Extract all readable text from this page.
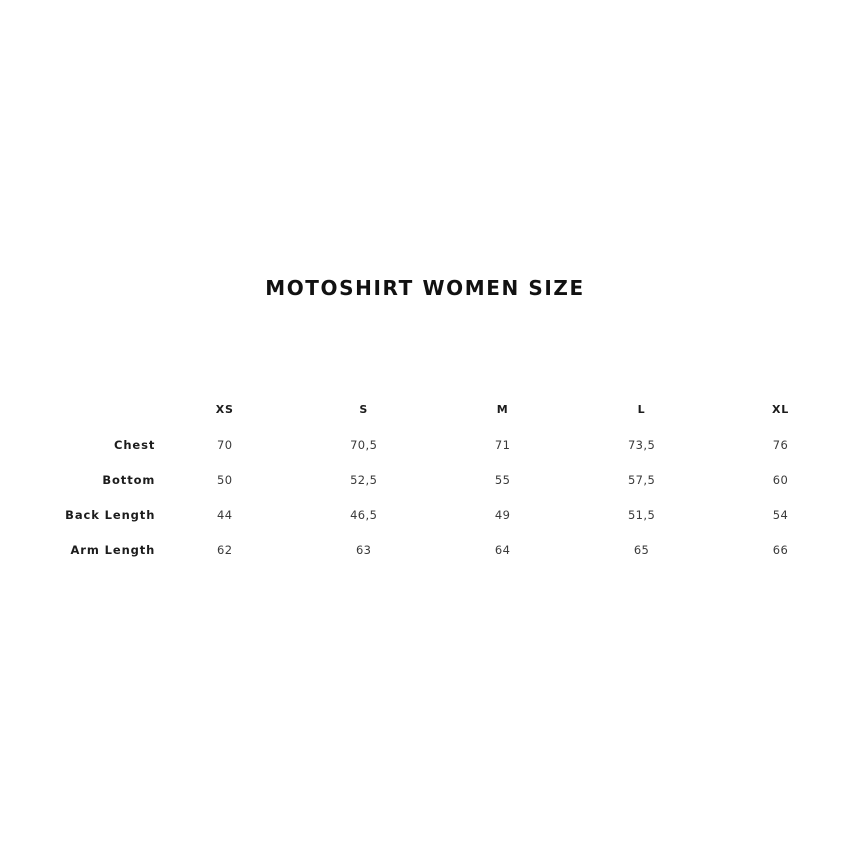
MOTOSHIRT WOMEN SIZE
	XS	S	M	L	XL
Chest	70	70,5	71	73,5	76
Bottom	50	52,5	55	57,5	60
Back Length	44	46,5	49	51,5	54
Arm Length	62	63	64	65	66
